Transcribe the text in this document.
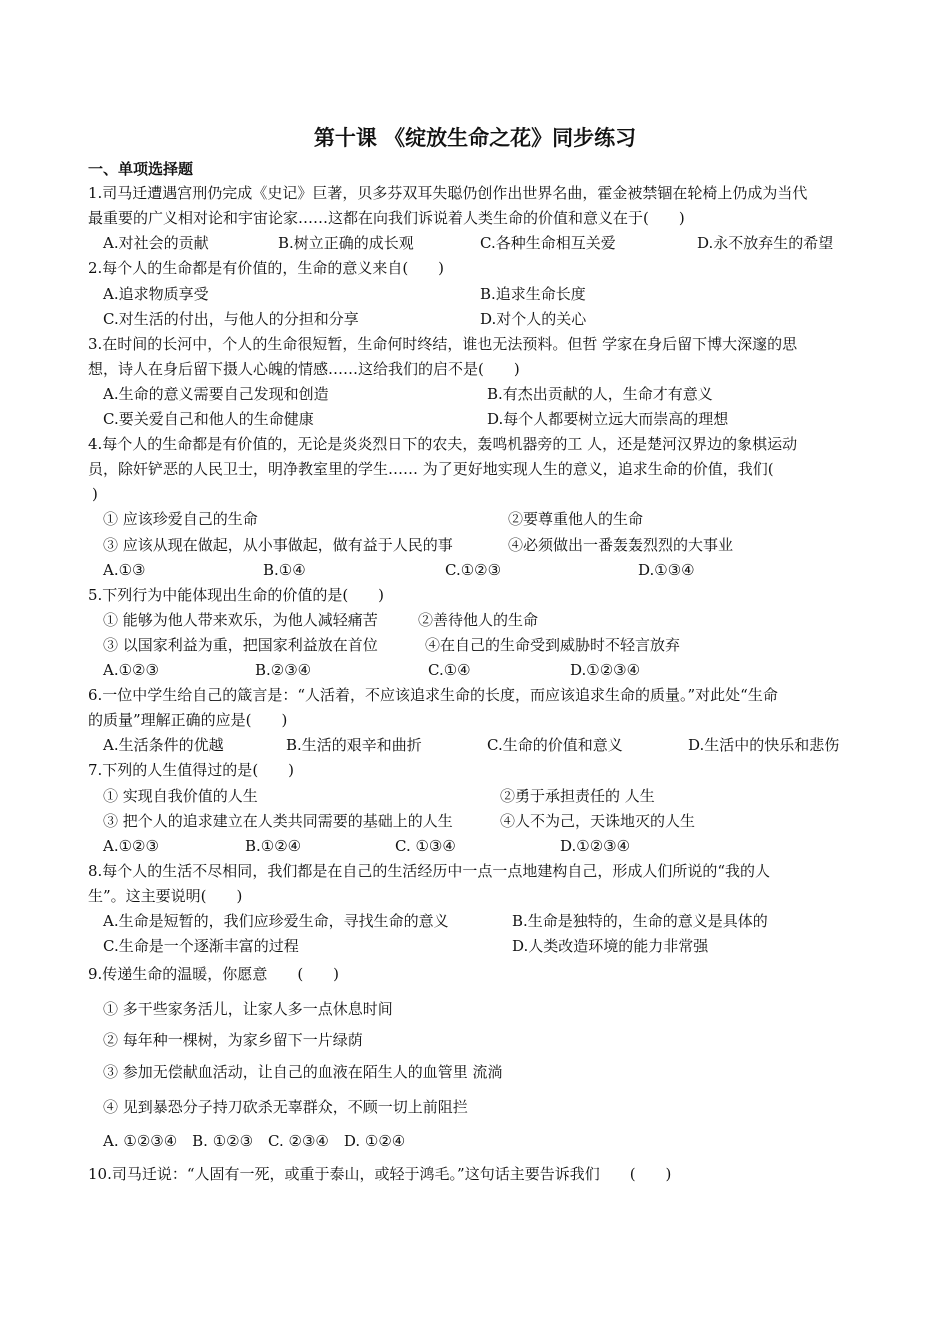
第十课 《绽放生命之花》同步练习
一、单项选择题
1.司马迁遭遇宫刑仍完成《史记》巨著，贝多芬双耳失聪仍创作出世界名曲，霍金被禁锢在轮椅上仍成为当代
最重要的广义相对论和宇宙论家……这都在向我们诉说着人类生命的价值和意义在于(　　)
A.对社会的贡献	B.树立正确的成长观	C.各种生命相互关爱	D.永不放弃生的希望
2.每个人的生命都是有价值的，生命的意义来自(　　)
A.追求物质享受	B.追求生命长度
C.对生活的付出，与他人的分担和分享	D.对个人的关心
3.在时间的长河中，个人的生命很短暂，生命何时终结，谁也无法预料。但哲 学家在身后留下博大深邃的思
想，诗人在身后留下摄人心魄的情感……这给我们的启不是(　　)
A.生命的意义需要自己发现和创造	B.有杰出贡献的人，生命才有意义
C.要关爱自己和他人的生命健康	D.每个人都要树立远大而崇高的理想
4.每个人的生命都是有价值的，无论是炎炎烈日下的农夫，轰鸣机器旁的工 人，还是楚河汉界边的象棋运动
员，除奸铲恶的人民卫士，明净教室里的学生…… 为了更好地实现人生的意义，追求生命的价值，我们(
)
① 应该珍爱自己的生命	②要尊重他人的生命
③ 应该从现在做起，从小事做起，做有益于人民的事	④必须做出一番轰轰烈烈的大事业
A.①③	B.①④	C.①②③	D.①③④
5.下列行为中能体现出生命的价值的是(　　)
① 能够为他人带来欢乐，为他人减轻痛苦	②善待他人的生命
③ 以国家利益为重，把国家利益放在首位	④在自己的生命受到威胁时不轻言放弃
A.①②③	B.②③④	C.①④	D.①②③④
6.一位中学生给自己的箴言是：“人活着，不应该追求生命的长度，而应该追求生命的质量。”对此处“生命
的质量”理解正确的应是(　　)
A.生活条件的优越	B.生活的艰辛和曲折	C.生命的价值和意义	D.生活中的快乐和悲伤
7.下列的人生值得过的是(　　)
① 实现自我价值的人生	②勇于承担责任的 人生
③ 把个人的追求建立在人类共同需要的基础上的人生	④人不为己，天诛地灭的人生
A.①②③	B.①②④	C. ①③④	D.①②③④
8.每个人的生活不尽相同，我们都是在自己的生活经历中一点一点地建构自己，形成人们所说的“我的人
生”。这主要说明(　　)
A.生命是短暂的，我们应珍爱生命，寻找生命的意义	B.生命是独特的，生命的意义是具体的
C.生命是一个逐渐丰富的过程	D.人类改造环境的能力非常强
9.传递生命的温暖，你愿意　　(　　)
① 多干些家务活儿，让家人多一点休息时间
② 每年种一棵树，为家乡留下一片绿荫
③ 参加无偿献血活动，让自己的血液在陌生人的血管里 流淌
④ 见到暴恐分子持刀砍杀无辜群众，不顾一切上前阻拦
A. ①②③④　B. ①②③　C. ②③④　D. ①②④
10.司马迁说：“人固有一死，或重于泰山，或轻于鸿毛。”这句话主要告诉我们　　(　　)
